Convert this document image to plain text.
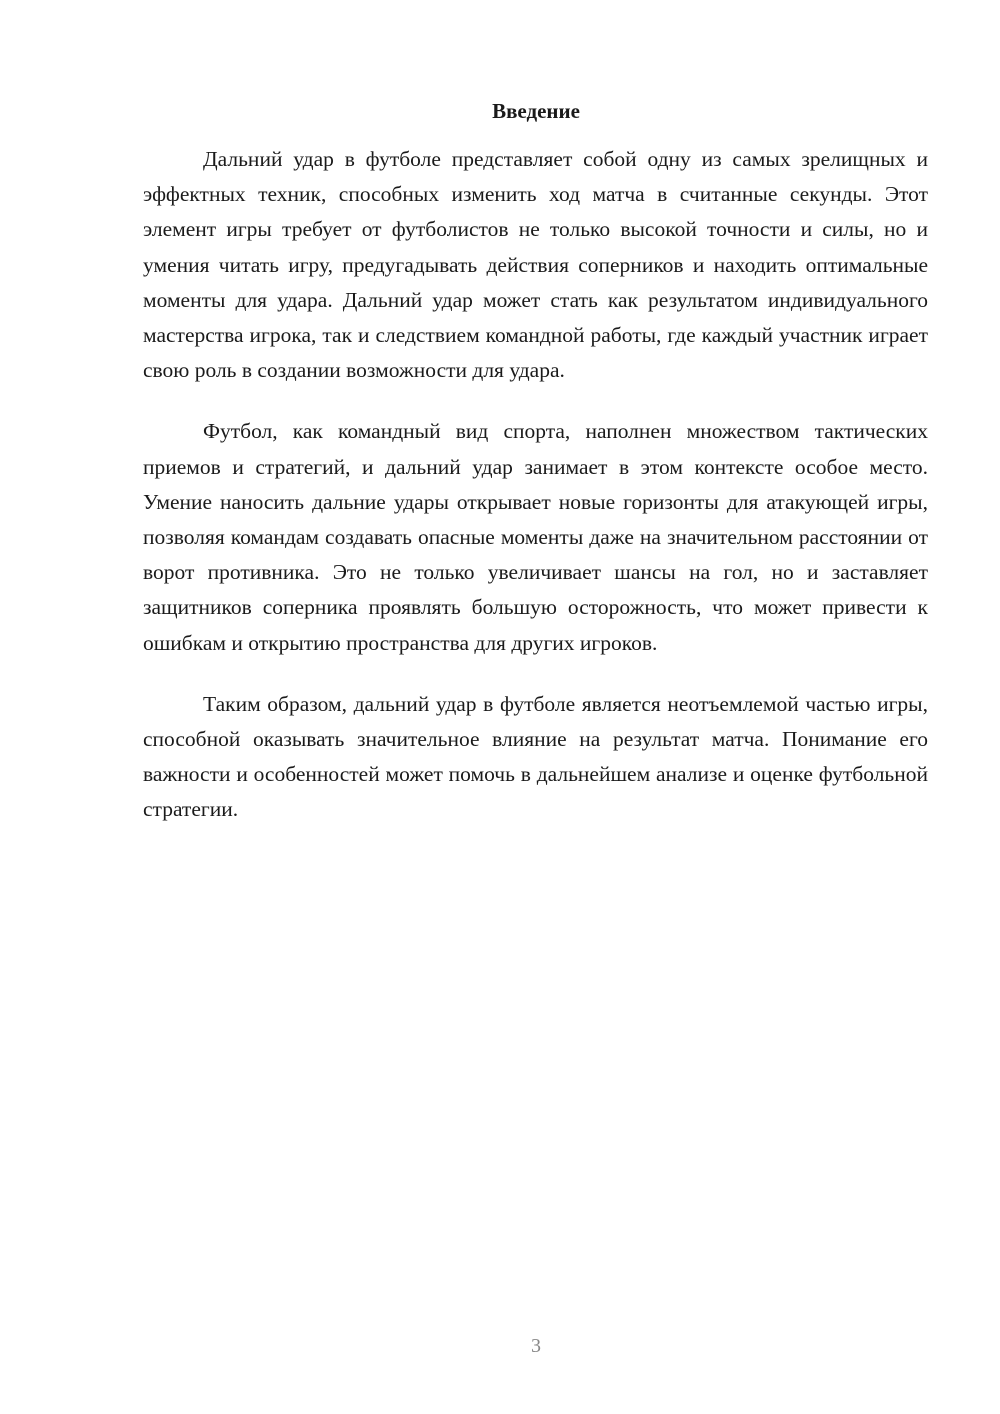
Введение

Дальний удар в футболе представляет собой одну из самых зрелищных и эффектных техник, способных изменить ход матча в считанные секунды. Этот элемент игры требует от футболистов не только высокой точности и силы, но и умения читать игру, предугадывать действия соперников и находить оптимальные моменты для удара. Дальний удар может стать как результатом индивидуального мастерства игрока, так и следствием командной работы, где каждый участник играет свою роль в создании возможности для удара.

Футбол, как командный вид спорта, наполнен множеством тактических приемов и стратегий, и дальний удар занимает в этом контексте особое место. Умение наносить дальние удары открывает новые горизонты для атакующей игры, позволяя командам создавать опасные моменты даже на значительном расстоянии от ворот противника. Это не только увеличивает шансы на гол, но и заставляет защитников соперника проявлять большую осторожность, что может привести к ошибкам и открытию пространства для других игроков.

Таким образом, дальний удар в футболе является неотъемлемой частью игры, способной оказывать значительное влияние на результат матча. Понимание его важности и особенностей может помочь в дальнейшем анализе и оценке футбольной стратегии.

3
